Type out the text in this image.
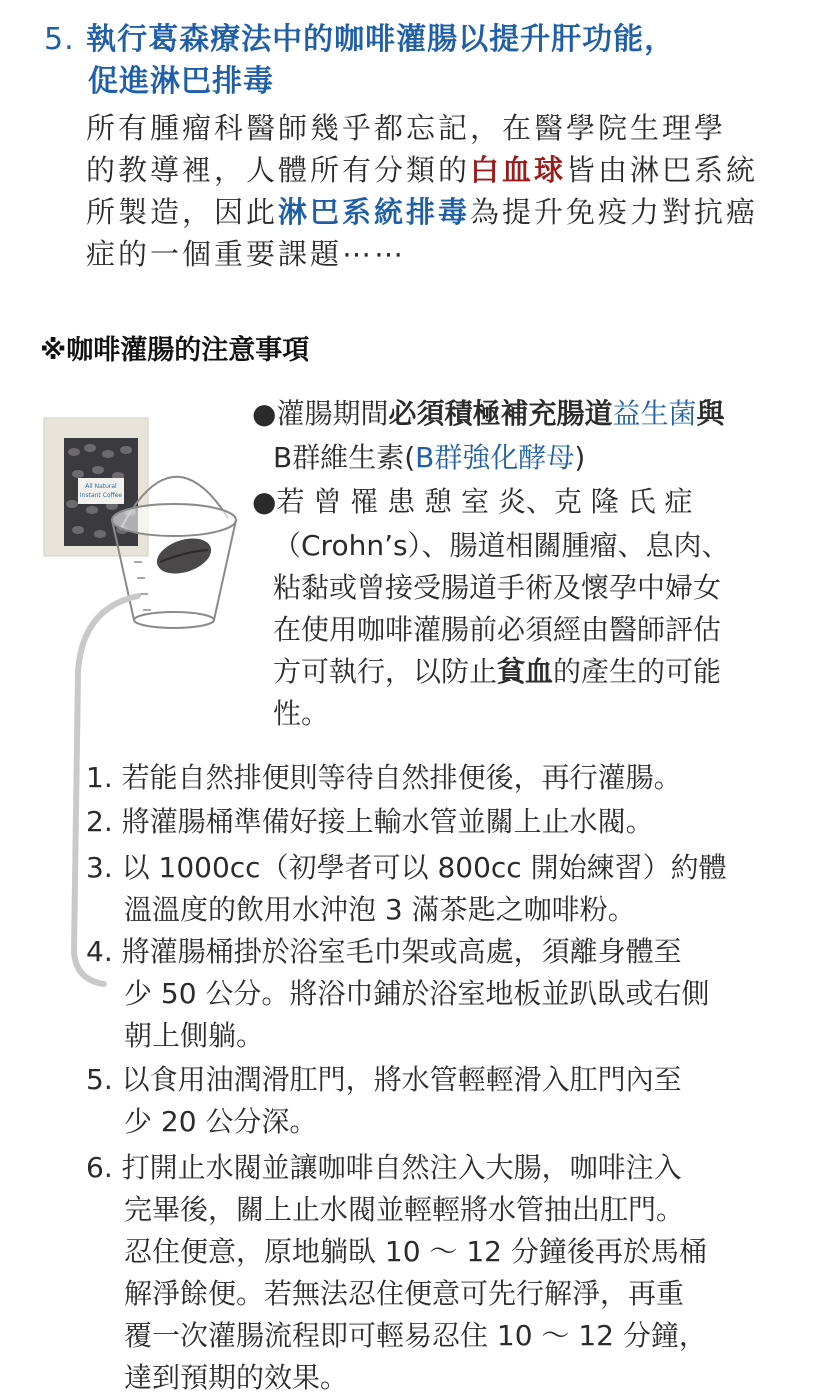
5. 執行葛森療法中的咖啡灌腸以提升肝功能，
促進淋巴排毒
所有腫瘤科醫師幾乎都忘記，在醫學院生理學
的教導裡，人體所有分類的白血球皆由淋巴系統
所製造，因此淋巴系統排毒為提升免疫力對抗癌
症的一個重要課題⋯⋯
※咖啡灌腸的注意事項
All Natural
Instant Coffee
●灌腸期間必須積極補充腸道益生菌與
B群維生素(B群強化酵母)
●若 曾 罹 患 憩 室 炎、克 隆 氏 症
（Crohn’s）、腸道相關腫瘤、息肉、
粘黏或曾接受腸道手術及懷孕中婦女
在使用咖啡灌腸前必須經由醫師評估
方可執行，以防止貧血的產生的可能
性。
1. 若能自然排便則等待自然排便後，再行灌腸。
2. 將灌腸桶準備好接上輸水管並關上止水閥。
3. 以 1000cc（初學者可以 800cc 開始練習）約體
溫溫度的飲用水沖泡 3 滿茶匙之咖啡粉。
4. 將灌腸桶掛於浴室毛巾架或高處，須離身體至
少 50 公分。將浴巾鋪於浴室地板並趴臥或右側
朝上側躺。
5. 以食用油潤滑肛門，將水管輕輕滑入肛門內至
少 20 公分深。
6. 打開止水閥並讓咖啡自然注入大腸，咖啡注入
完畢後，關上止水閥並輕輕將水管抽出肛門。
忍住便意，原地躺臥 10 ～ 12 分鐘後再於馬桶
解淨餘便。若無法忍住便意可先行解淨，再重
覆一次灌腸流程即可輕易忍住 10 ～ 12 分鐘，
達到預期的效果。
